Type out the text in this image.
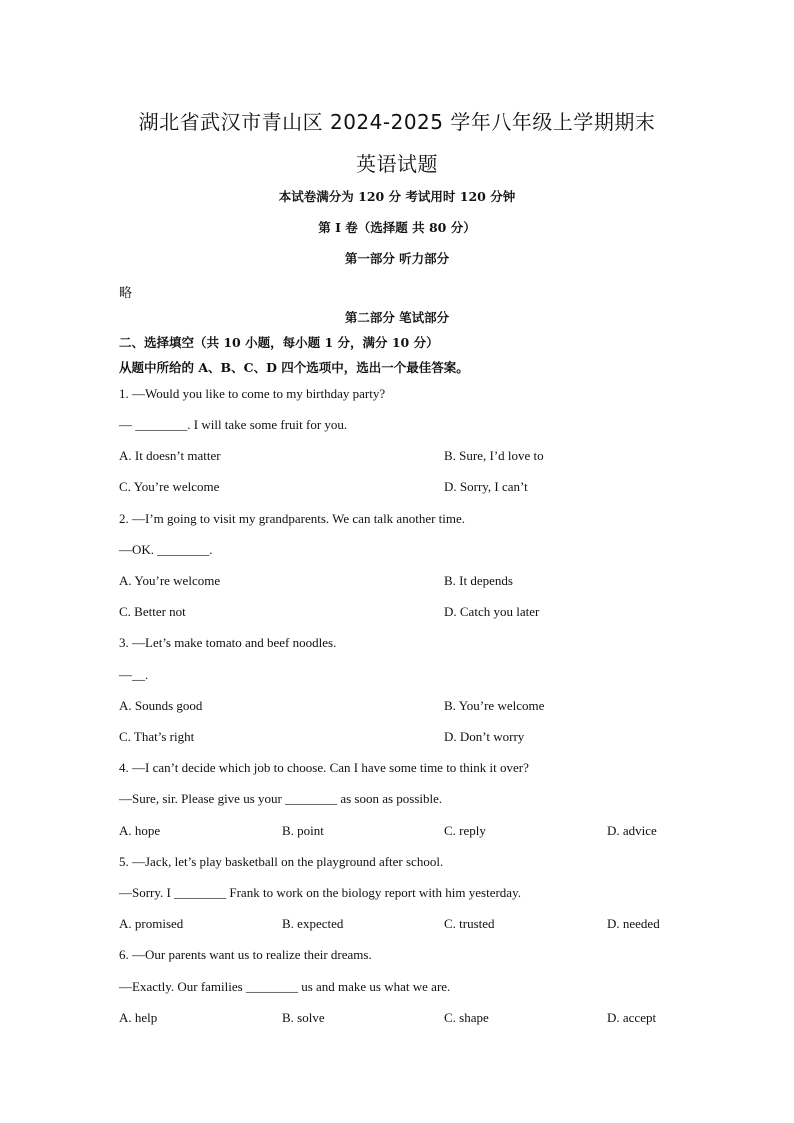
湖北省武汉市青山区 2024-2025 学年八年级上学期期末
英语试题
本试卷满分为 120 分 考试用时 120 分钟
第 I 卷（选择题 共 80 分）
第一部分 听力部分
略
第二部分 笔试部分
二、选择填空（共 10 小题，每小题 1 分，满分 10 分）
从题中所给的 A、B、C、D 四个选项中，选出一个最佳答案。
1. —Would you like to come to my birthday party?
— ________. I will take some fruit for you.
A. It doesn’t matter	B. Sure, I’d love to
C. You’re welcome	D. Sorry, I can’t
2. —I’m going to visit my grandparents. We can talk another time.
—OK. ________.
A. You’re welcome	B. It depends
C. Better not	D. Catch you later
3. —Let’s make tomato and beef noodles.
—__.
A. Sounds good	B. You’re welcome
C. That’s right	D. Don’t worry
4. —I can’t decide which job to choose. Can I have some time to think it over?
—Sure, sir. Please give us your ________ as soon as possible.
A. hope	B. point	C. reply	D. advice
5. —Jack, let’s play basketball on the playground after school.
—Sorry. I ________ Frank to work on the biology report with him yesterday.
A. promised	B. expected	C. trusted	D. needed
6. —Our parents want us to realize their dreams.
—Exactly. Our families ________ us and make us what we are.
A. help	B. solve	C. shape	D. accept
